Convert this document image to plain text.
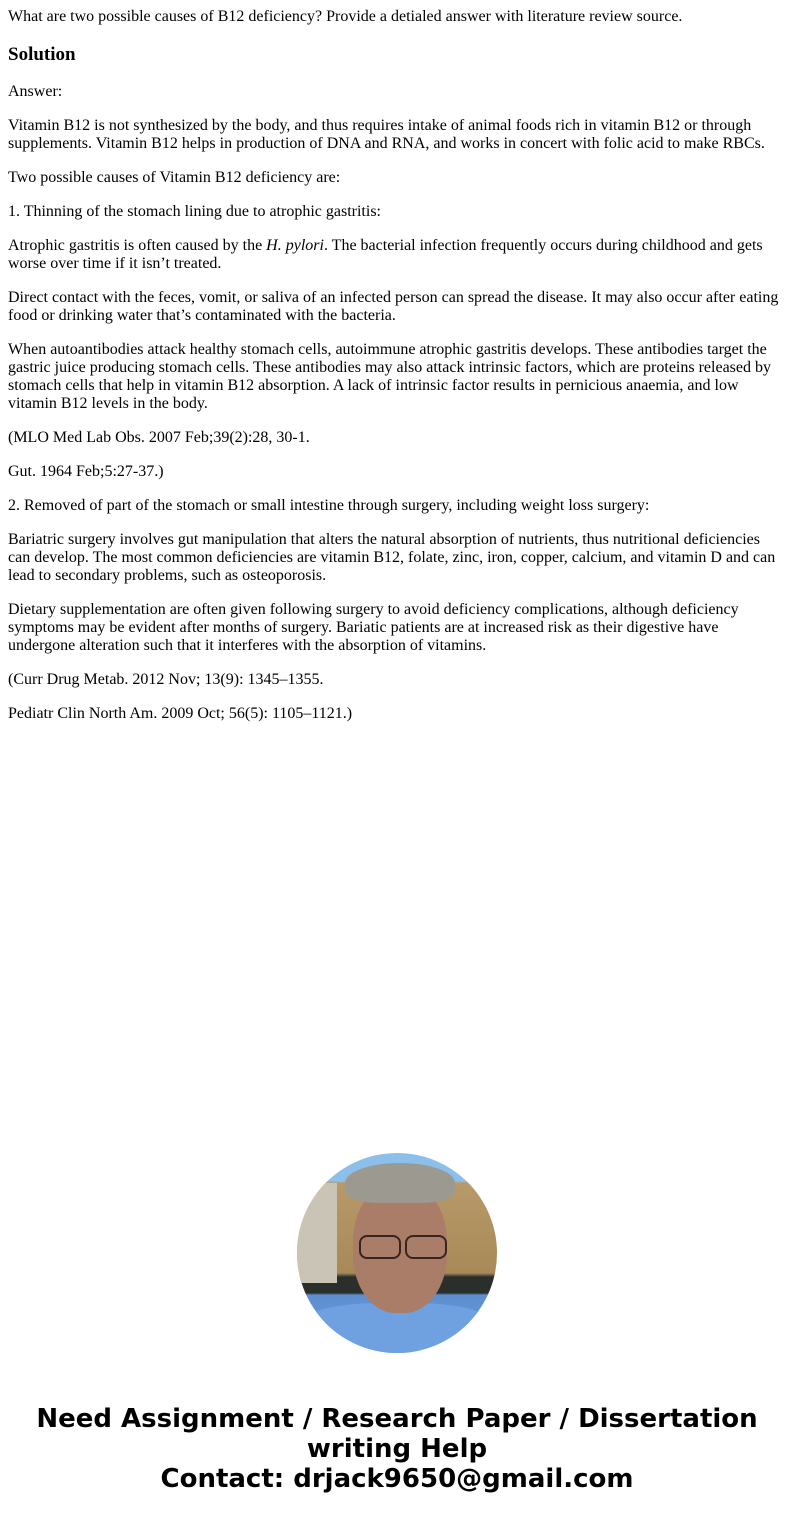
What are two possible causes of B12 deficiency? Provide a detialed answer with literature review source.

Solution

Answer:

Vitamin B12 is not synthesized by the body, and thus requires intake of animal foods rich in vitamin B12 or through supplements. Vitamin B12 helps in production of DNA and RNA, and works in concert with folic acid to make RBCs.

Two possible causes of Vitamin B12 deficiency are:

1. Thinning of the stomach lining due to atrophic gastritis:

Atrophic gastritis is often caused by the H. pylori. The bacterial infection frequently occurs during childhood and gets worse over time if it isn’t treated.

Direct contact with the feces, vomit, or saliva of an infected person can spread the disease. It may also occur after eating food or drinking water that’s contaminated with the bacteria.

When autoantibodies attack healthy stomach cells, autoimmune atrophic gastritis develops. These antibodies target the gastric juice producing stomach cells. These antibodies may also attack intrinsic factors, which are proteins released by stomach cells that help in vitamin B12 absorption. A lack of intrinsic factor results in pernicious anaemia, and low vitamin B12 levels in the body.

(MLO Med Lab Obs. 2007 Feb;39(2):28, 30-1.

Gut. 1964 Feb;5:27-37.)

2. Removed of part of the stomach or small intestine through surgery, including weight loss surgery:

Bariatric surgery involves gut manipulation that alters the natural absorption of nutrients, thus nutritional deficiencies can develop. The most common deficiencies are vitamin B12, folate, zinc, iron, copper, calcium, and vitamin D and can lead to secondary problems, such as osteoporosis.

Dietary supplementation are often given following surgery to avoid deficiency complications, although deficiency symptoms may be evident after months of surgery. Bariatic patients are at increased risk as their digestive have undergone alteration such that it interferes with the absorption of vitamins.

(Curr Drug Metab. 2012 Nov; 13(9): 1345–1355.

Pediatr Clin North Am. 2009 Oct; 56(5): 1105–1121.)

Need Assignment / Research Paper / Dissertation writing Help
Contact: drjack9650@gmail.com
